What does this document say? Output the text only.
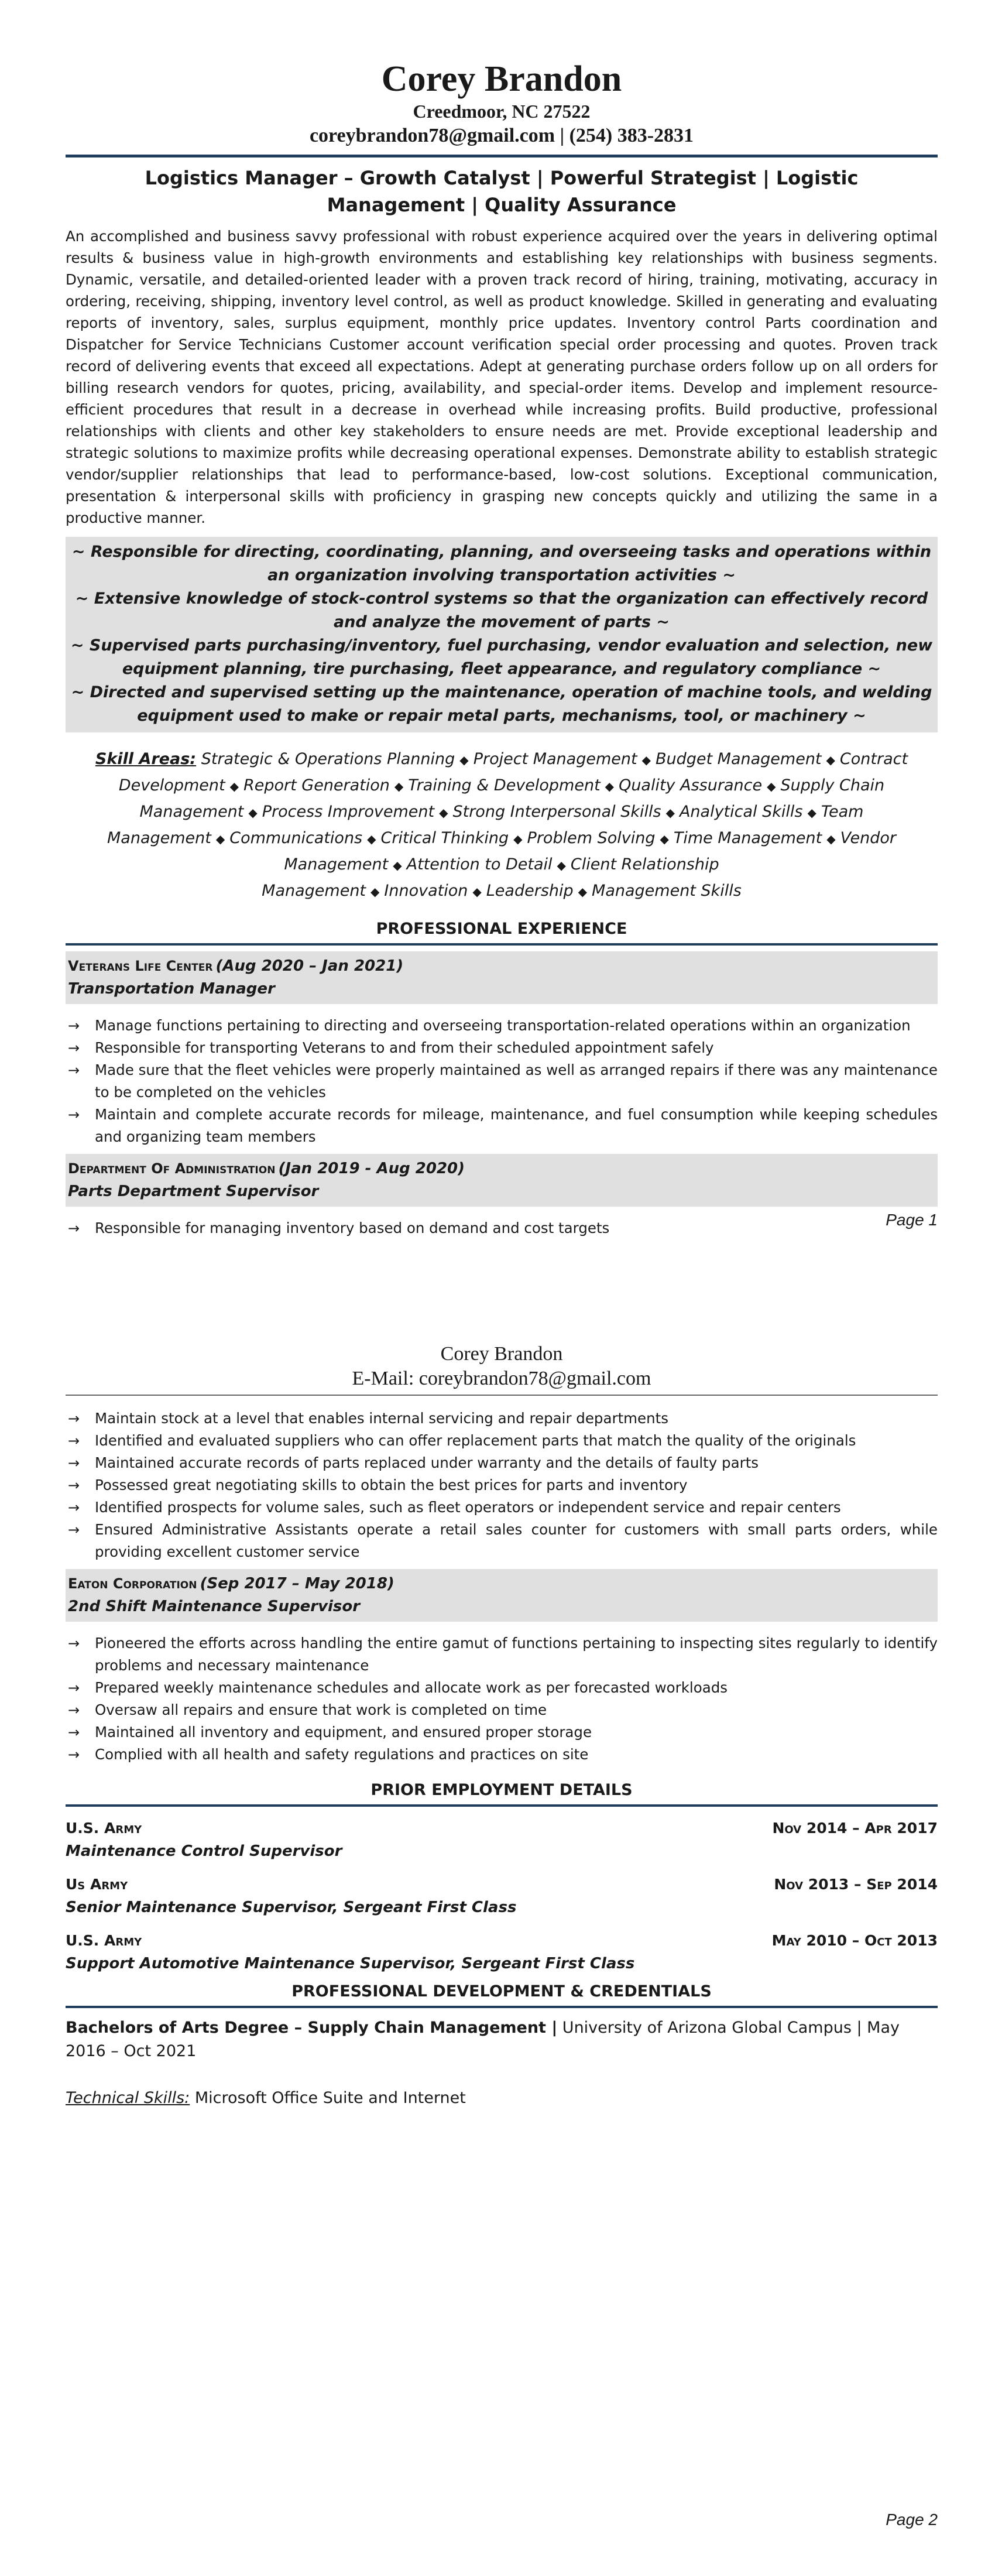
Corey Brandon
Creedmoor, NC 27522
coreybrandon78@gmail.com | (254) 383-2831
Logistics Manager – Growth Catalyst | Powerful Strategist | Logistic Management | Quality Assurance

An accomplished and business savvy professional with robust experience acquired over the years in delivering optimal results & business value in high-growth environments and establishing key relationships with business segments. Dynamic, versatile, and detailed-oriented leader with a proven track record of hiring, training, motivating, accuracy in ordering, receiving, shipping, inventory level control, as well as product knowledge. Skilled in generating and evaluating reports of inventory, sales, surplus equipment, monthly price updates. Inventory control Parts coordination and Dispatcher for Service Technicians Customer account verification special order processing and quotes. Proven track record of delivering events that exceed all expectations. Adept at generating purchase orders follow up on all orders for billing research vendors for quotes, pricing, availability, and special-order items. Develop and implement resource-efficient procedures that result in a decrease in overhead while increasing profits. Build productive, professional relationships with clients and other key stakeholders to ensure needs are met. Provide exceptional leadership and strategic solutions to maximize profits while decreasing operational expenses. Demonstrate ability to establish strategic vendor/supplier relationships that lead to performance-based, low-cost solutions. Exceptional communication, presentation & interpersonal skills with proficiency in grasping new concepts quickly and utilizing the same in a productive manner.

~ Responsible for directing, coordinating, planning, and overseeing tasks and operations within an organization involving transportation activities ~

~ Extensive knowledge of stock-control systems so that the organization can effectively record and analyze the movement of parts ~

~ Supervised parts purchasing/inventory, fuel purchasing, vendor evaluation and selection, new equipment planning, tire purchasing, fleet appearance, and regulatory compliance ~

~ Directed and supervised setting up the maintenance, operation of machine tools, and welding equipment used to make or repair metal parts, mechanisms, tool, or machinery ~

Skill Areas: Strategic & Operations Planning ◆ Project Management ◆ Budget Management ◆ Contract Development ◆ Report Generation ◆ Training & Development ◆ Quality Assurance ◆ Supply Chain Management ◆ Process Improvement ◆ Strong Interpersonal Skills ◆ Analytical Skills ◆ Team Management ◆ Communications ◆ Critical Thinking ◆ Problem Solving ◆ Time Management ◆ Vendor Management ◆ Attention to Detail ◆ Client Relationship Management ◆ Innovation ◆ Leadership ◆ Management Skills
PROFESSIONAL EXPERIENCE
Veterans Life Center (Aug 2020 – Jan 2021)
Transportation Manager
→ Manage functions pertaining to directing and overseeing transportation-related operations within an organization
→ Responsible for transporting Veterans to and from their scheduled appointment safely
→ Made sure that the fleet vehicles were properly maintained as well as arranged repairs if there was any maintenance to be completed on the vehicles
→ Maintain and complete accurate records for mileage, maintenance, and fuel consumption while keeping schedules and organizing team members
Department Of Administration (Jan 2019 - Aug 2020)
Parts Department Supervisor
→ Responsible for managing inventory based on demand and cost targets	Page 1
Corey Brandon
E-Mail: coreybrandon78@gmail.com
→ Maintain stock at a level that enables internal servicing and repair departments
→ Identified and evaluated suppliers who can offer replacement parts that match the quality of the originals
→ Maintained accurate records of parts replaced under warranty and the details of faulty parts
→ Possessed great negotiating skills to obtain the best prices for parts and inventory
→ Identified prospects for volume sales, such as fleet operators or independent service and repair centers
→ Ensured Administrative Assistants operate a retail sales counter for customers with small parts orders, while providing excellent customer service
Eaton Corporation (Sep 2017 – May 2018)
2nd Shift Maintenance Supervisor
→ Pioneered the efforts across handling the entire gamut of functions pertaining to inspecting sites regularly to identify problems and necessary maintenance
→ Prepared weekly maintenance schedules and allocate work as per forecasted workloads
→ Oversaw all repairs and ensure that work is completed on time
→ Maintained all inventory and equipment, and ensured proper storage
→ Complied with all health and safety regulations and practices on site
PRIOR EMPLOYMENT DETAILS
U.S. Army	Nov 2014 – Apr 2017
Maintenance Control Supervisor
Us Army	Nov 2013 – Sep 2014
Senior Maintenance Supervisor, Sergeant First Class
U.S. Army	May 2010 – Oct 2013
Support Automotive Maintenance Supervisor, Sergeant First Class
PROFESSIONAL DEVELOPMENT & CREDENTIALS
Bachelors of Arts Degree – Supply Chain Management | University of Arizona Global Campus | May 2016 – Oct 2021
Technical Skills: Microsoft Office Suite and Internet
Page 2
